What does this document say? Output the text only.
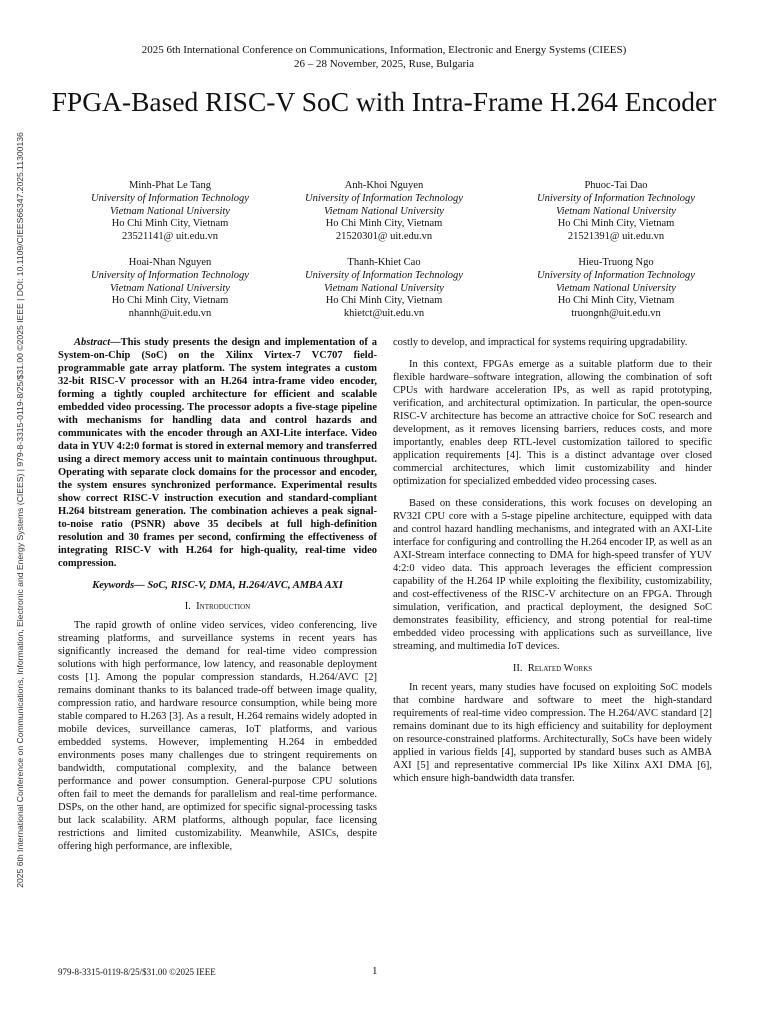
2025 6th International Conference on Communications, Information, Electronic and Energy Systems (CIEES)
26 – 28 November, 2025, Ruse, Bulgaria
FPGA-Based RISC-V SoC with Intra-Frame H.264 Encoder
2025 6th International Conference on Communications, Information, Electronic and Energy Systems (CIEES) | 979-8-3315-0119-8/25/$31.00 ©2025 IEEE | DOI: 10.1109/CIEES66347.2025.11300136	Minh-Phat Le Tang
University of Information Technology
Vietnam National University
Ho Chi Minh City, Vietnam
23521141@ uit.edu.vn
Anh-Khoi Nguyen
University of Information Technology
Vietnam National University
Ho Chi Minh City, Vietnam
21520301@ uit.edu.vn
Phuoc-Tai Dao
University of Information Technology
Vietnam National University
Ho Chi Minh City, Vietnam
21521391@ uit.edu.vn
Hoai-Nhan Nguyen
University of Information Technology
Vietnam National University
Ho Chi Minh City, Vietnam
nhannh@uit.edu.vn
Thanh-Khiet Cao
University of Information Technology
Vietnam National University
Ho Chi Minh City, Vietnam
khietct@uit.edu.vn
Hieu-Truong Ngo
University of Information Technology
Vietnam National University
Ho Chi Minh City, Vietnam
truongnh@uit.edu.vn
Abstract—This study presents the design and implementation of a System-on-Chip (SoC) on the Xilinx Virtex-7 VC707 field-programmable gate array platform. The system integrates a custom 32-bit RISC-V processor with an H.264 intra-frame video encoder, forming a tightly coupled architecture for efficient and scalable embedded video processing. The processor adopts a five-stage pipeline with mechanisms for handling data and control hazards and communicates with the encoder through an AXI-Lite interface. Video data in YUV 4:2:0 format is stored in external memory and transferred using a direct memory access unit to maintain continuous throughput. Operating with separate clock domains for the processor and encoder, the system ensures synchronized performance. Experimental results show correct RISC-V instruction execution and standard-compliant H.264 bitstream generation. The combination achieves a peak signal-to-noise ratio (PSNR) above 35 decibels at full high-definition resolution and 30 frames per second, confirming the effectiveness of integrating RISC-V with H.264 for high-quality, real-time video compression.
Keywords— SoC, RISC-V, DMA, H.264/AVC, AMBA AXI
I. Introduction

The rapid growth of online video services, video conferencing, live streaming platforms, and surveillance systems in recent years has significantly increased the demand for real-time video compression solutions with high performance, low latency, and reasonable deployment costs [1]. Among the popular compression standards, H.264/AVC [2] remains dominant thanks to its balanced trade-off between image quality, compression ratio, and hardware resource consumption, while being more stable compared to H.263 [3]. As a result, H.264 remains widely adopted in mobile devices, surveillance cameras, IoT platforms, and various embedded systems. However, implementing H.264 in embedded environments poses many challenges due to stringent requirements on bandwidth, computational complexity, and the balance between performance and power consumption. General-purpose CPU solutions often fail to meet the demands for parallelism and real-time performance. DSPs, on the other hand, are optimized for specific signal-processing tasks but lack scalability. ARM platforms, although popular, face licensing restrictions and limited customizability. Meanwhile, ASICs, despite offering high performance, are inflexible,

costly to develop, and impractical for systems requiring upgradability.

In this context, FPGAs emerge as a suitable platform due to their flexible hardware–software integration, allowing the combination of soft CPUs with hardware acceleration IPs, as well as rapid prototyping, verification, and architectural optimization. In particular, the open-source RISC-V architecture has become an attractive choice for SoC research and development, as it removes licensing barriers, reduces costs, and more importantly, enables deep RTL-level customization tailored to specific application requirements [4]. This is a distinct advantage over closed commercial architectures, which limit customizability and hinder optimization for specialized embedded video processing cases.

Based on these considerations, this work focuses on developing an RV32I CPU core with a 5-stage pipeline architecture, equipped with data and control hazard handling mechanisms, and integrated with an AXI-Lite interface for configuring and controlling the H.264 encoder IP, as well as an AXI-Stream interface connecting to DMA for high-speed transfer of YUV 4:2:0 video data. This approach leverages the efficient compression capability of the H.264 IP while exploiting the flexibility, customizability, and cost-effectiveness of the RISC-V architecture on an FPGA. Through simulation, verification, and practical deployment, the designed SoC demonstrates feasibility, efficiency, and strong potential for real-time embedded video processing with applications such as surveillance, live streaming, and multimedia IoT devices.

II. Related Works

In recent years, many studies have focused on exploiting SoC models that combine hardware and software to meet the high-standard requirements of real-time video compression. The H.264/AVC standard [2] remains dominant due to its high efficiency and suitability for deployment on resource-constrained platforms. Architecturally, SoCs have been widely applied in various fields [4], supported by standard buses such as AMBA AXI [5] and representative commercial IPs like Xilinx AXI DMA [6], which ensure high-bandwidth data transfer.

979-8-3315-0119-8/25/$31.00 ©2025 IEEE	1
